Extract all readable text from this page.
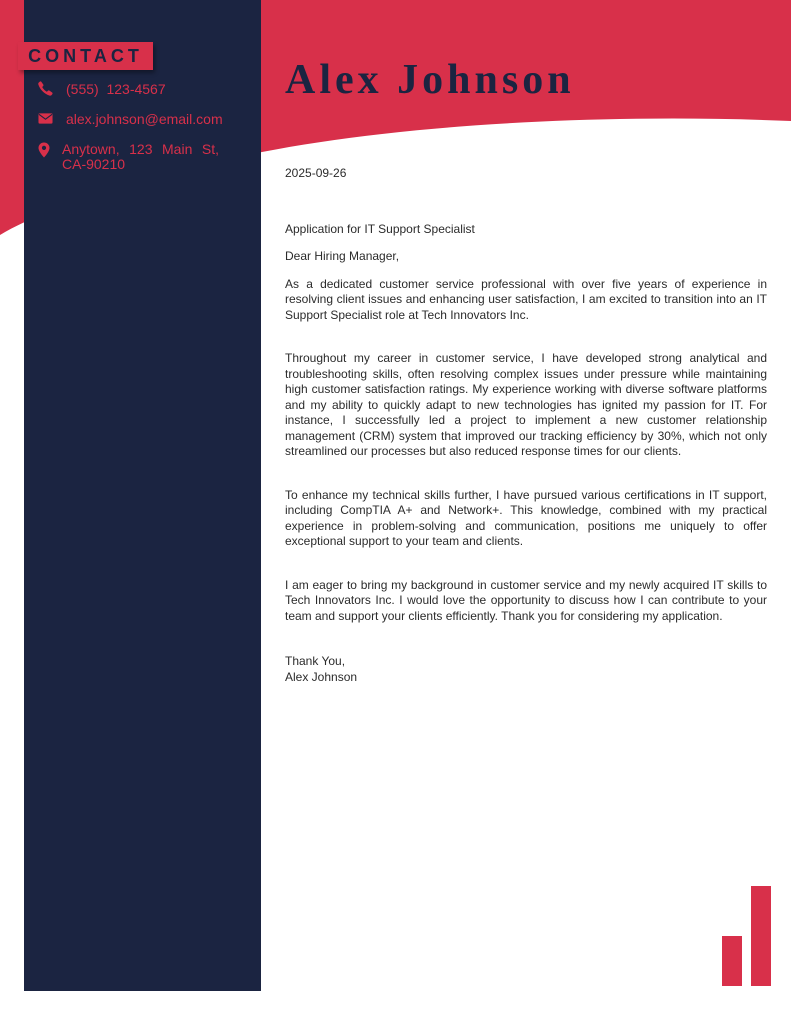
CONTACT
(555)  123-4567
alex.johnson@email.com
Anytown, 123 Main St, CA-90210
Alex Johnson

2025-09-26

Application for IT Support Specialist

Dear Hiring Manager,

As a dedicated customer service professional with over five years of experience in resolving client issues and enhancing user satisfaction, I am excited to transition into an IT Support Specialist role at Tech Innovators Inc.

Throughout my career in customer service, I have developed strong analytical and troubleshooting skills, often resolving complex issues under pressure while maintaining high customer satisfaction ratings. My experience working with diverse software platforms and my ability to quickly adapt to new technologies has ignited my passion for IT. For instance, I successfully led a project to implement a new customer relationship management (CRM) system that improved our tracking efficiency by 30%, which not only streamlined our processes but also reduced response times for our clients.

To enhance my technical skills further, I have pursued various certifications in IT support, including CompTIA A+ and Network+. This knowledge, combined with my practical experience in problem-solving and communication, positions me uniquely to offer exceptional support to your team and clients.

I am eager to bring my background in customer service and my newly acquired IT skills to Tech Innovators Inc. I would love the opportunity to discuss how I can contribute to your team and support your clients efficiently. Thank you for considering my application.

Thank You,

Alex Johnson
